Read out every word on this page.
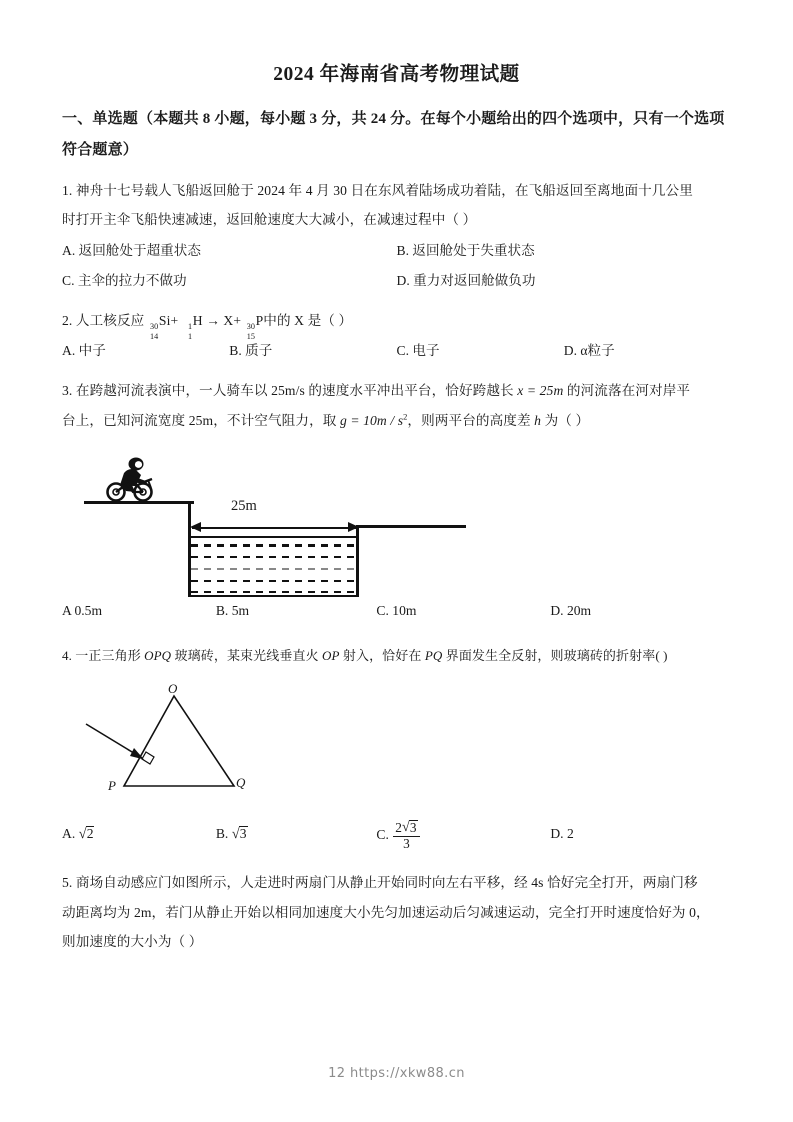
2024 年海南省高考物理试题
一、单选题（本题共 8 小题，每小题 3 分，共 24 分。在每个小题给出的四个选项中，只有一个选项符合题意）
1. 神舟十七号载人飞船返回舱于 2024 年 4 月 30 日在东风着陆场成功着陆，在飞船返回至离地面十几公里
时打开主伞飞船快速减速，返回舱速度大大减小，在减速过程中（ ）
A. 返回舱处于超重状态	B. 返回舱处于失重状态
C. 主伞的拉力不做功	D. 重力对返回舱做负功
2. 人工核反应 30
14
Si+ 1
1
H → X+ 30
15
P中的 X 是（ ）
A. 中子	B. 质子	C. 电子	D. α粒子
3. 在跨越河流表演中，一人骑车以 25m/s 的速度水平冲出平台，恰好跨越长 x = 25m 的河流落在河对岸平
台上，已知河流宽度 25m，不计空气阻力，取 $g = 10m / s^2$，则两平台的高度差 h 为（ ）
25m
A 0.5m	B. 5m	C. 10m	D. 20m
4. 一正三角形 OPQ 玻璃砖，某束光线垂直火 OP 射入，恰好在 PQ 界面发生全反射，则玻璃砖的折射率( )
O
P	Q
A. √ 2	B. √ 3	C. $\frac{2 √ 3}{3}$	D. 2
5. 商场自动感应门如图所示，人走进时两扇门从静止开始同时向左右平移，经 4s 恰好完全打开，两扇门移
动距离均为 2m，若门从静止开始以相同加速度大小先匀加速运动后匀减速运动，完全打开时速度恰好为 0，
则加速度的大小为（ ）
12 https://xkw88.cn
